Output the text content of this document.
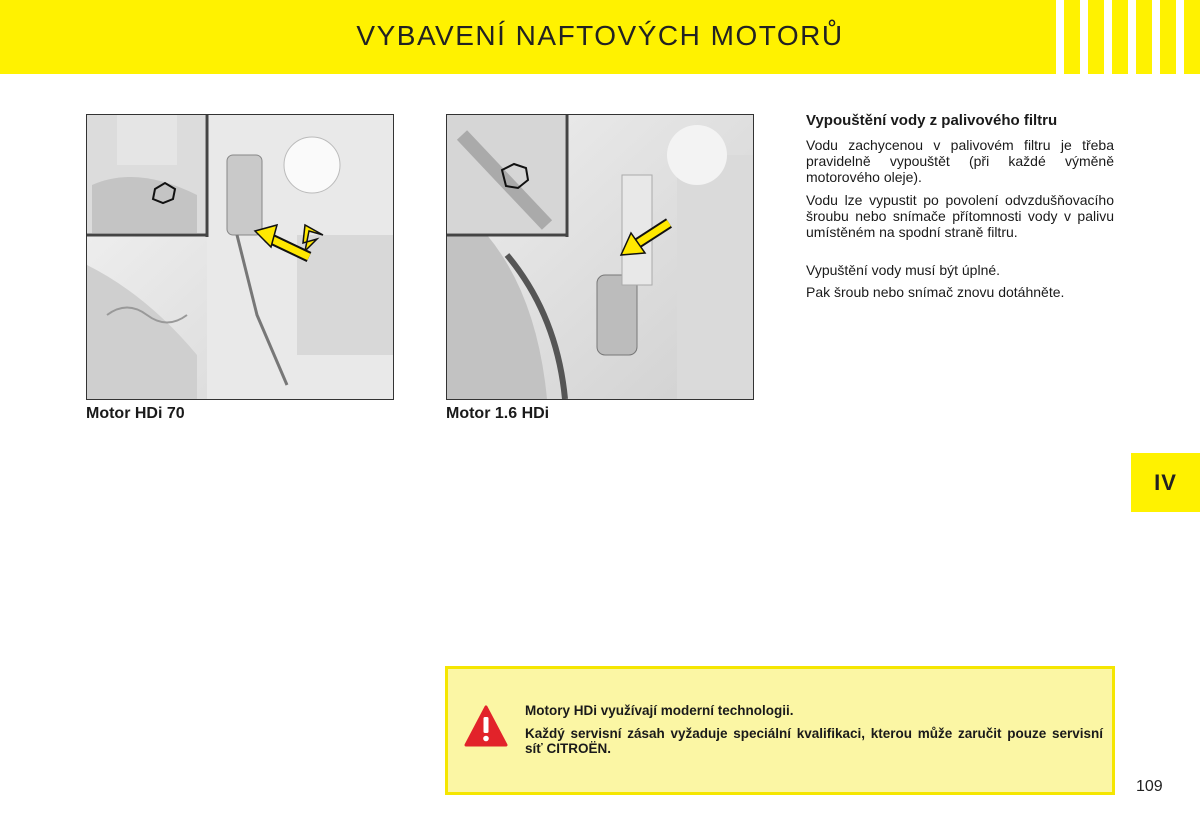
VYBAVENÍ NAFTOVÝCH MOTORŮ
Motor HDi 70	Motor 1.6 HDi
Vypouštění vody z palivového filtru
Vodu zachycenou v palivovém filtru je třeba pravidelně vypouštět (při každé výměně motorového oleje).
Vodu lze vypustit po povolení odvzdušňovacího šroubu nebo snímače přítomnosti vody v palivu umístěném na spodní straně filtru.
Vypuštění vody musí být úplné.
Pak šroub nebo snímač znovu dotáhněte.
IV

Motory HDi využívají moderní technologii.

Každý servisní zásah vyžaduje speciální kvalifikaci, kterou může zaručit pouze servisní síť CITROËN.

109
